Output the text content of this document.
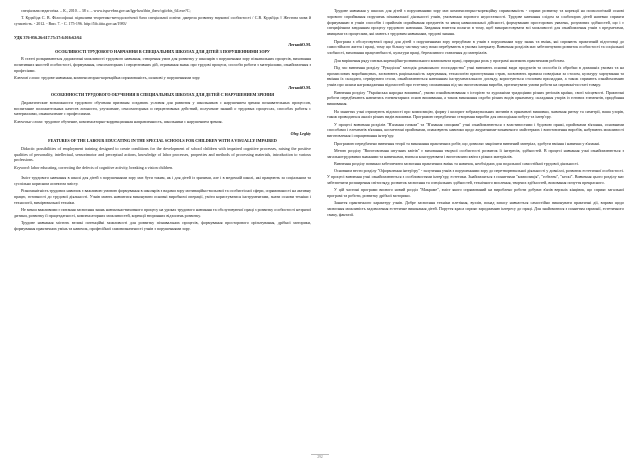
спеціальна педагогіка. – К., 2010. – 38 с. – www.ispu-ebnr.gov.ua/fgp-bzu/ibin_ibnv/cgiirbis_64.exe?C;

Т. Кудьбіда С. В. Філософські підвалини теоретико-методологічної бази спеціальної освіти: джерела розвитку наукової особистості / С.В. Кудьбіда // Жестова мова й сучасність. - 2012. - Вип. 7. - С. 175-196. http://lib.iitta.gov.ua/1983/

УДК 376-056.26:617.75:37:6.016:62/64

ЛегкийО.М.

ОСОБЛИВОСТІ ТРУДОВОГО НАВЧАННЯ В СПЕЦІАЛЬНИХ ШКОЛАХ ДЛЯ ДІТЕЙ З ПОРУШЕННЯМИ ЗОРУ

В статті розкриваються дидактичні можливості трудового навчання, створення умов для розвитку у школярів з порушенням зору пізнавальних процесів, виховання позитивних якостей особистості, формування, сенсомоторних і перцептивних дій, отримання знань про трудові процеси, способи роботи з матеріалами, ознайомлення з професіями.

Ключові слова: трудове навчання, компенсаторно-корекційна спрямованість, шляхові у порушеннями зору.

ЛегкийО.М.

ОСОБЕННОСТИ ТРУДОВОГО ОБУЧЕНИЯ В СПЕЦИАЛЬНЫХ ШКОЛАХ ДЛЯ ДЕТЕЙ С НАРУШЕНИЕМ ЗРЕНИЯ

Дидактические возможности трудового обучения призваны создавать условия для развития у школьников с нарушением зрения познавательных процессов, воспитание положительных качеств личности, улучшение, сенсомоторных и перцептивных действий, получение знаний о трудовых процессах, способах работы с материалами, ознакомление с профессиями.

Ключевые слова: трудовое обучение, компенсаторно-коррекционная направленность, школьники с нарушением зрения.

Oleg Legkiy

FEATURES OF THE LABOUR EDUCATING IN THE SPECIAL SCHOOLS FOR CHILDREN WITH A VISUALLY IMPAIRED

Didactic possibilities of employment training designed to create conditions for the development of school children with impaired cognitive processes, raising the positive qualities of personality, intellectual, sensorimotor and perceptual actions, knowledge of labor processes, properties and methods of processing materials, introduction to various professions.

Keyword: labor educating, correcting the defects of cognitive activity, breaking a vision children.

Зміст трудового навчання в школі для дітей з порушеннями зору має бути таким, як і для дітей із зрячими, але і в медичній школі, які працюють за соціальним та суспільно корисним аспектом змісту.

Різноманітність трудових навичок є важливою умовою формування в школярів з вадами зору мотиваційно-вольової та особистісної сфери, спрямованості на активну працю, готовності до трудової діяльності. Учнів мають навчитися виконувати основні виробничі операції, уміти користуватися інструментами, знати основи техніки і технології, вимірювальної техніки.

Не менш важливими є питання засвоєння знань навчально-виховного процесу на уроках трудового навчання та обслуговуючої праці з розвитку особистості незрячої дитини, розвитку її працездатності, компенсаторних можливостей, корекції вторинних відхилень розвитку.

Трудове навчання містить великі потенційні можливості для розвитку пізнавальних процесів, формування просторового орієнтування, дрібної моторики, формування практичних умінь та навичок, професійної самовизначеності учнів з порушеннями зору.

Трудове навчання у школах для дітей з порушеннями зору має компенсаторно-корекційну спрямованість - сприяє розвитку та корекції на психологічній основі зорового сприймання порушень пізнавальної діяльності учнів, умовлення зорового недостатності. Трудове навчання слідом за слабозорих дітей напевно сприяти формуванню в учнів способів і прийомів сприймання предметів та явищ навколишньої дійсності, формуванню просторових уявлень, розумових здібностей, що і є специфічним завданням процесу трудового навчання. Завдання вчителя полягає в тому, щоб використовувати всі можливості для ознайомлення учнів з предметами, явищами та процесами, які мають з трудовим навчанням, трудові знання.

Програма з обслуговуючої праці для дітей з порушеннями зору передбачає в учнів з порушенням зору знань та вмінь, які сприяють практичній підготовці до самостійного життя і праці, тому що більшу частину часу вони перебувають в умовах інтернату. Вивчення розділів має забезпечувати розвиток особистості та соціальної злобності, виховання працелюбності, культури праці, бережливого ставлення до матеріалів.

Для вирішення ряду питань корекційно-розвивального компонента праці, природна роль у програмі належить практичним роботам.

Під час вивчення розділу "Рукоділля" мелодія домашнього господарства" учні вивчають основні види продуктів та способи їх обробки в домашніх умовах та на промислових виробництвах, засвоюють раціональність харчування, технологію приготування страв, засвоюють правила поведінки за столом, культуру харчування та вміння їх складати, сервірувати столи, ознайомлюються навчанням інструментального догляду, користуються столовим приладдям, а також сприяють ознайомленню учнів про шляхи нагромадження відомостей про естетику споживання під час виготовлення виробів, презентувати умови роботи на сировині-постаті товару.

Вивчення розділу "Українська народна вишивка", умови ознайомлювання з історією та художніми традиціями різних регіонів країни, своєї місцевості. Практичні роботи передбачають навчитись елементарних основ вишивання, а також виконання оздоби різних видів орнаменту, складання узорів із готових елементів, придбання вишивання.

На заняттях учні отримують відомості про композицію, форму і колорит зображувальних мотивів в орнаменті вишивки, значення ритму та симетрії, ваша узорів, також приводиться аналіз різних видів вишивки. Програмою передбачено створення виробів для оволодіння побуту та інтер'єру.

У процесі вивчення розділів "В'язання гачком" та "В'язання спицями" учні ознайомлюються з властивостями і будовою пряжі, прийомами в'язання, основними способами і елементів в'язання, косметичні прийомами, опановують навички щодо акуратними-зазначеного майстерних і виготовлення виробів, набувають можливості виготовлення і опрацювання інтер'єру.

Програмою передбачено вивчення теорії та виконання практичних робіт, що дозволяє закріпити вивчений матеріал, здобути вміння і навички у в'язанні.

Метою розділу "Виготовлення штучних квітів" є виховання творчої особистості розвиток її інтересів, здібностей. В процесі навчання учні ознайомлюються з загальнотрудовими знаннями та навичками, вчаться конструювати і виготовляти квіти з різних матеріалів.

Вивчення розділу повинно забезпечити засвоєння практичних вмінь та навичок, необхідних для подальшої самостійної трудової діяльності.

Основним вести розділу "Оформлення інтер'єру" - залучення учнів з порушеннями зору до перетворювальної діяльності у довкіллі, розвиток естетичної особистості. У процесі вивчення учні ознайомлюються з особливостями інтер'єру, естетики. Знайомляться з поняттями "композиція", "гобелен", "кескі". Вивчення цього розділу має забезпечити розширення світогляду, розвиток засвоєння та спеціальних здібностей, технічного мислення, творчих здібностей, виховання почуття прекрасного.

У цій частині програми висвого новий розділ "Макраме", зміст якого спрямований на вироблено роботи добуває в'язів верхніх кінцівок, що сприяє загальної програмі та роботи, розвитку дрібної моторики.

Заняття практичного характеру учнів. Добре засвоєння техніки плетіння, вузлів, понад запасу навчається самостійно виконувати практичні дії, вправи щодо засвоєння можливість задоволення естетичне виконання дітей. Поруття краса сприяє зародженню інтересу до праці. Для знайомитися з поняттям гармонії, естетичного смаку, фантазії.

292
